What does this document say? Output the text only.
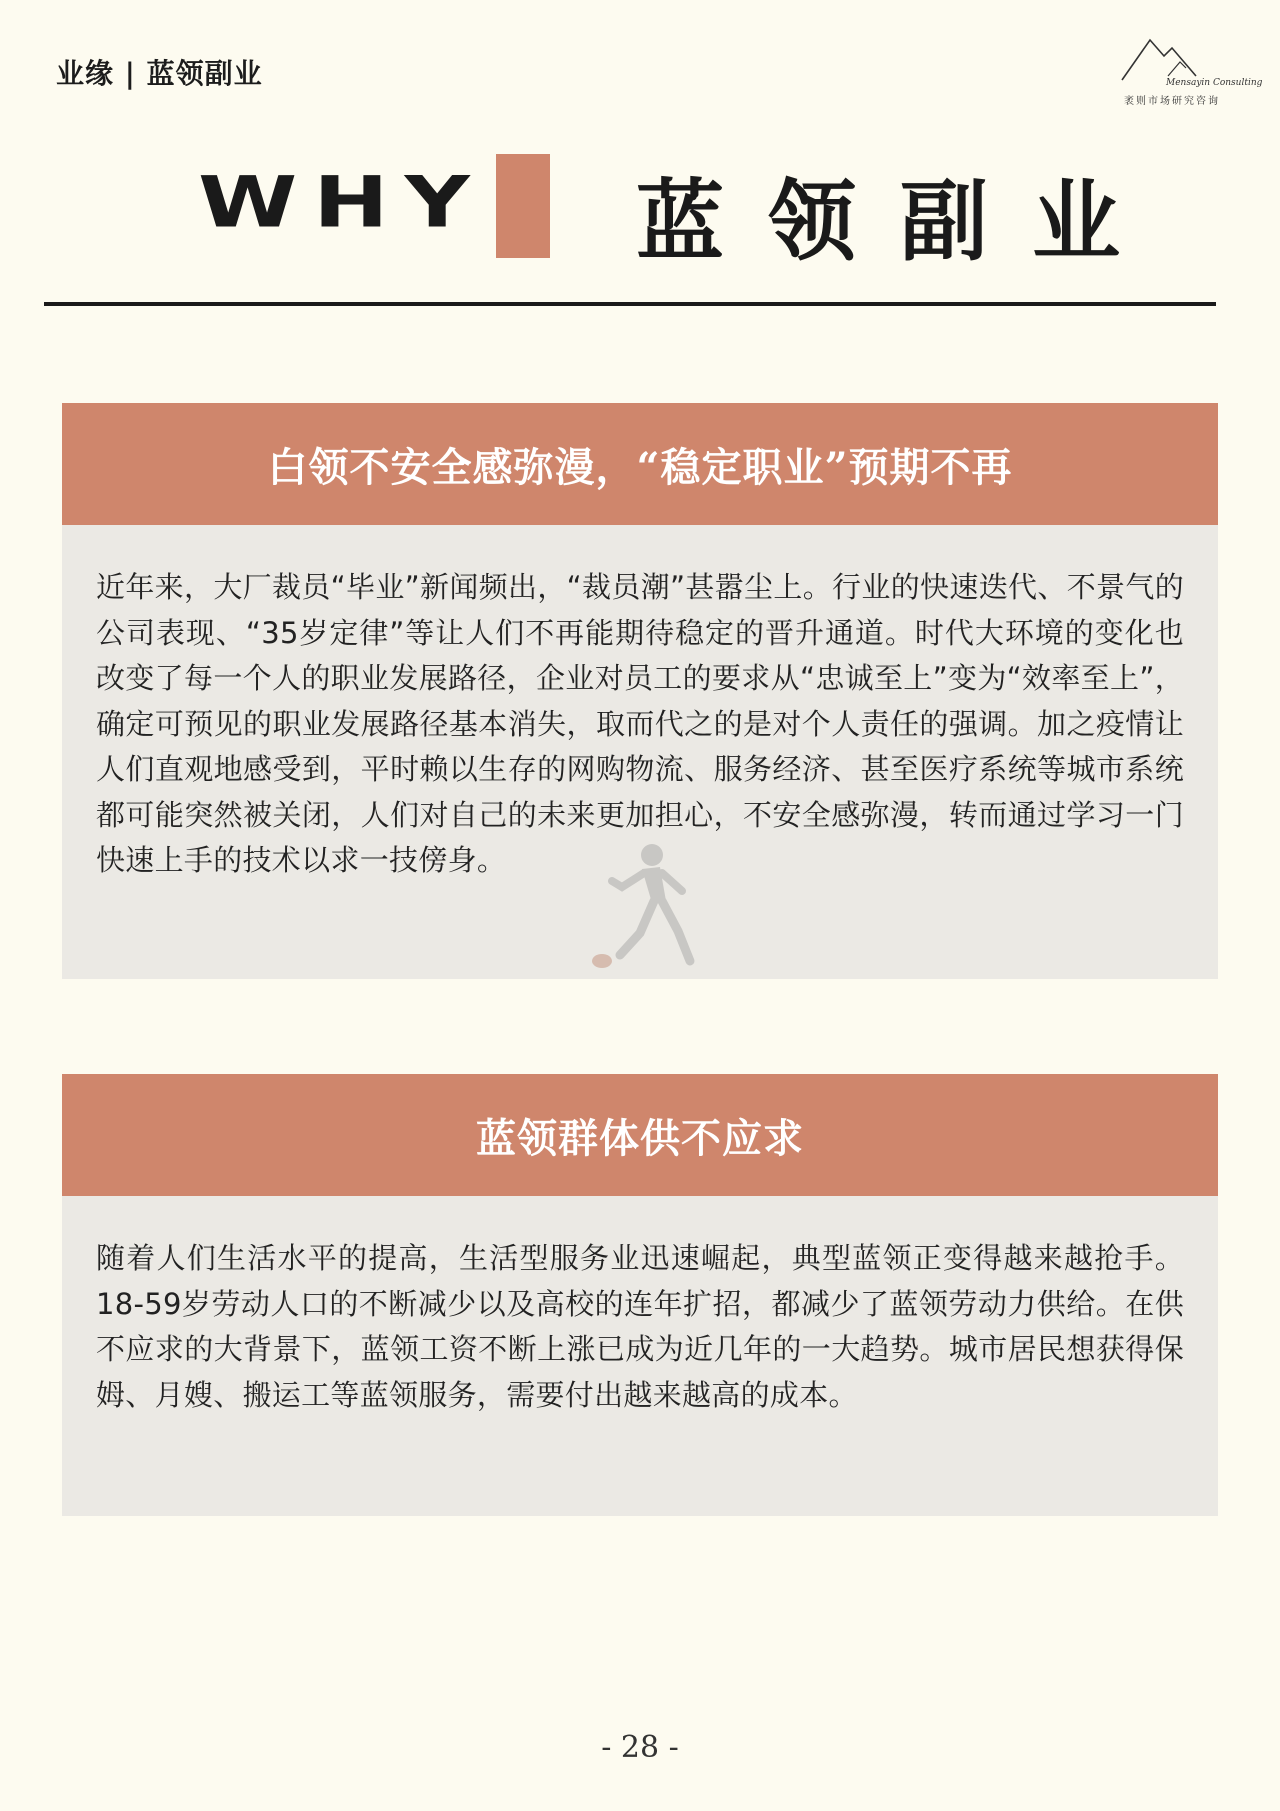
业缘 | 蓝领副业	Mensayin Consulting
袤则市场研究咨询
WHY 蓝领副业
白领不安全感弥漫，“稳定职业”预期不再

近年来，大厂裁员“毕业”新闻频出，“裁员潮”甚嚣尘上。行业的快速迭代、不景气的公司表现、“35岁定律”等让人们不再能期待稳定的晋升通道。时代大环境的变化也改变了每一个人的职业发展路径，企业对员工的要求从“忠诚至上”变为“效率至上”，确定可预见的职业发展路径基本消失，取而代之的是对个人责任的强调。加之疫情让人们直观地感受到，平时赖以生存的网购物流、服务经济、甚至医疗系统等城市系统都可能突然被关闭，人们对自己的未来更加担心，不安全感弥漫，转而通过学习一门快速上手的技术以求一技傍身。

蓝领群体供不应求

随着人们生活水平的提高，生活型服务业迅速崛起，典型蓝领正变得越来越抢手。18-59岁劳动人口的不断减少以及高校的连年扩招，都减少了蓝领劳动力供给。在供不应求的大背景下，蓝领工资不断上涨已成为近几年的一大趋势。城市居民想获得保姆、月嫂、搬运工等蓝领服务，需要付出越来越高的成本。

- 28 -
